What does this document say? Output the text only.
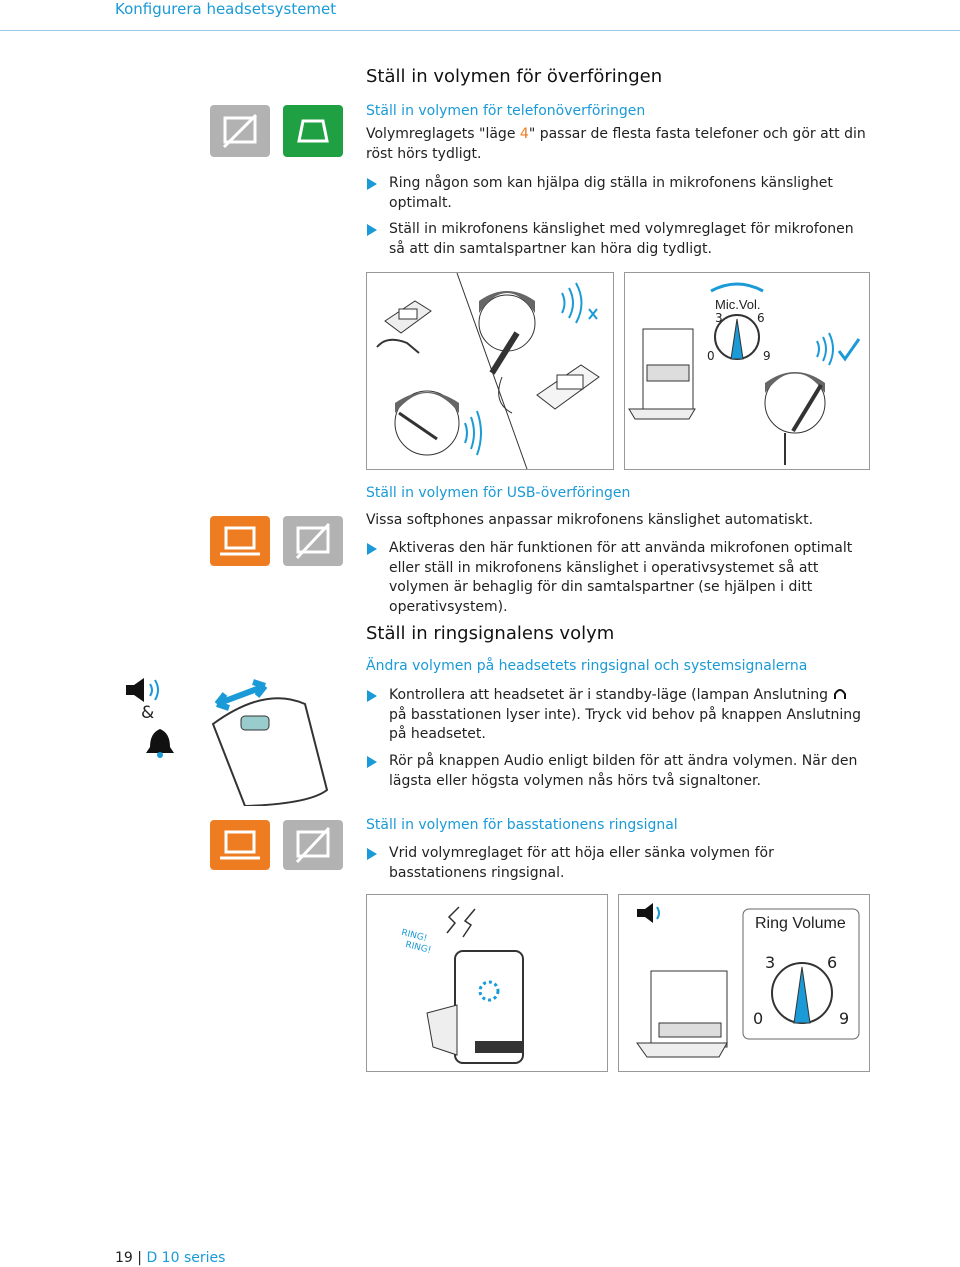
Konfigurera headsetsystemet
Ställ in volymen för överföringen
Ställ in volymen för telefonöverföringen
Volymreglagets "läge 4" passar de flesta fasta telefoner och gör att din röst hörs tydligt.
Ring någon som kan hjälpa dig ställa in mikrofonens känslighet optimalt.
Ställ in mikrofonens känslighet med volymreglaget för mikrofonen så att din samtalspartner kan höra dig tydligt.
Mic.Vol.
3	6
0	9
Ställ in volymen för USB-överföringen
Vissa softphones anpassar mikrofonens känslighet automatiskt.
Aktiveras den här funktionen för att använda mikrofonen optimalt eller ställ in mikrofonens känslighet i operativsystemet så att volymen är behaglig för din samtalspartner (se hjälpen i ditt operativsystem).
Ställ in ringsignalens volym
Ändra volymen på headsetets ringsignal och systemsignalerna
&
Kontrollera att headsetet är i standby-läge (lampan Anslutning  på basstationen lyser inte). Tryck vid behov på knappen Anslutning på headsetet.
Rör på knappen Audio enligt bilden för att ändra volymen. När den lägsta eller högsta volymen nås hörs två signaltoner.
Ställ in volymen för basstationens ringsignal
Vrid volymreglaget för att höja eller sänka volymen för basstationens ringsignal.
RING!
RING!
Ring Volume
3	6
0	9
19 | D 10 series
